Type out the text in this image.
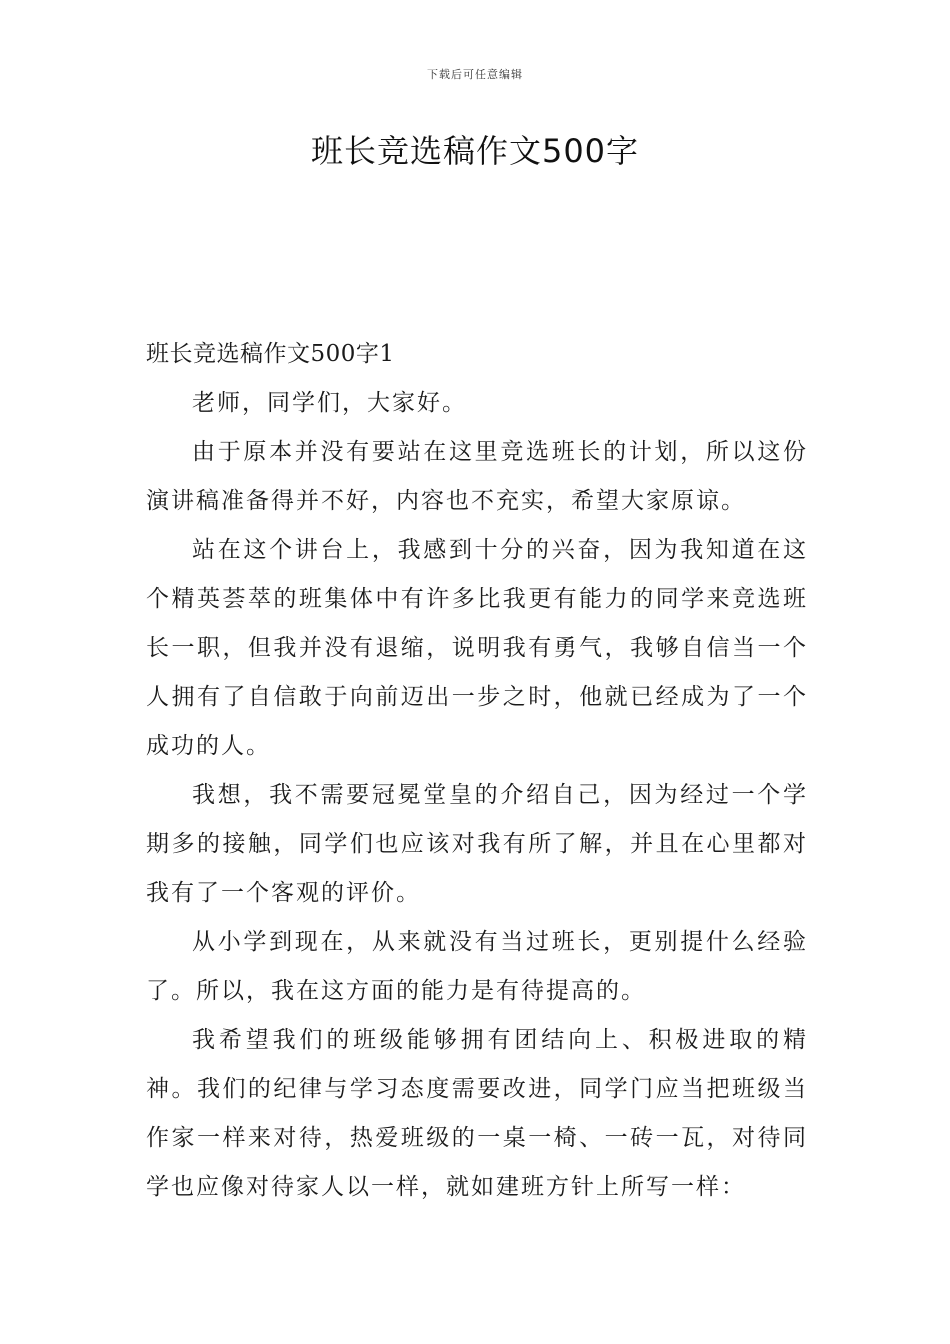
下载后可任意编辑
班长竞选稿作文500字

班长竞选稿作文500字1

老师，同学们，大家好。

由于原本并没有要站在这里竞选班长的计划，所以这份演讲稿准备得并不好，内容也不充实，希望大家原谅。

站在这个讲台上，我感到十分的兴奋，因为我知道在这个精英荟萃的班集体中有许多比我更有能力的同学来竞选班长一职，但我并没有退缩，说明我有勇气，我够自信当一个人拥有了自信敢于向前迈出一步之时，他就已经成为了一个成功的人。

我想，我不需要冠冕堂皇的介绍自己，因为经过一个学期多的接触，同学们也应该对我有所了解，并且在心里都对我有了一个客观的评价。

从小学到现在，从来就没有当过班长，更别提什么经验了。所以，我在这方面的能力是有待提高的。

我希望我们的班级能够拥有团结向上、积极进取的精神。我们的纪律与学习态度需要改进，同学门应当把班级当作家一样来对待，热爱班级的一桌一椅、一砖一瓦，对待同学也应像对待家人以一样，就如建班方针上所写一样：
